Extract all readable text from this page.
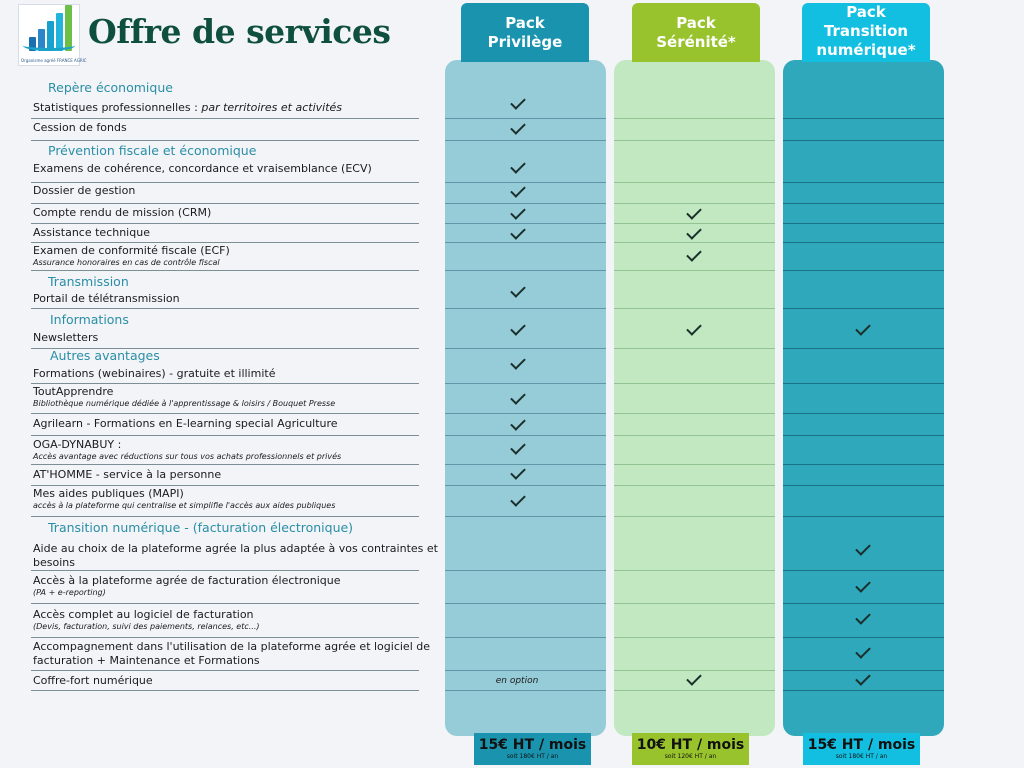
Organisme agréé FRANCE AGRIC
Offre de services	Pack
Privilège
Pack
Sérénité*
Pack
Transition
numérique*
15€ HT / mois
soit 180€ HT / an
10€ HT / mois
soit 120€ HT / an
15€ HT / mois
soit 180€ HT / an
Repère économique
Statistiques professionnelles : par territoires et activités
Cession de fonds
Prévention fiscale et économique
Examens de cohérence, concordance et vraisemblance (ECV)
Dossier de gestion
Compte rendu de mission (CRM)
Assistance technique
Examen de conformité fiscale (ECF)
Assurance honoraires en cas de contrôle fiscal
Transmission
Portail de télétransmission
Informations
Newsletters
Autres avantages
Formations (webinaires) - gratuite et illimité
ToutApprendre
Bibliothèque numérique dédiée à l'apprentissage & loisirs / Bouquet Presse
Agrilearn - Formations en E-learning special Agriculture
OGA-DYNABUY :
Accès avantage avec réductions sur tous vos achats professionnels et privés
AT'HOMME - service à la personne
Mes aides publiques (MAPI)
accès à la plateforme qui centralise et simplifie l'accès aux aides publiques
Transition numérique - (facturation électronique)
Aide au choix de la plateforme agrée la plus adaptée à vos contraintes et besoins
Accès à la plateforme agrée de facturation électronique
(PA + e-reporting)
Accès complet au logiciel de facturation
(Devis, facturation, suivi des paiements, relances, etc...)
Accompagnement dans l'utilisation de la plateforme agrée et logiciel de facturation + Maintenance et Formations
Coffre-fort numérique	en option
